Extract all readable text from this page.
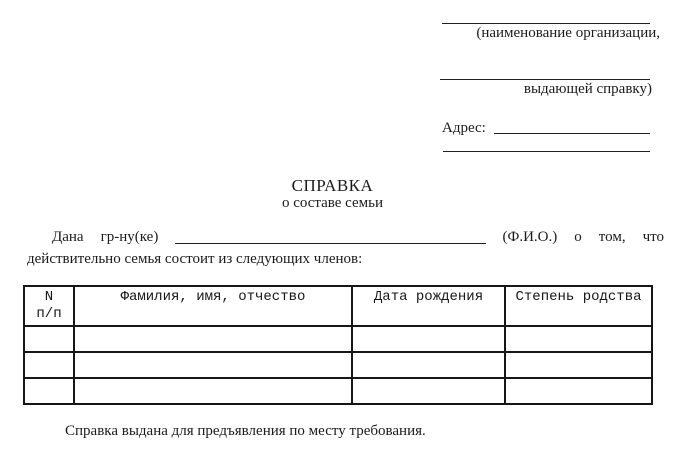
(наименование организации,
выдающей справку)
Адрес:
СПРАВКА
о составе семьи
Дана гр-ну(ке)	(Ф.И.О.) о том, что
действительно семья состоит из следующих членов:
N
п/п	Фамилия, имя, отчество	Дата рождения	Степень родства

Справка выдана для предъявления по месту требования.
